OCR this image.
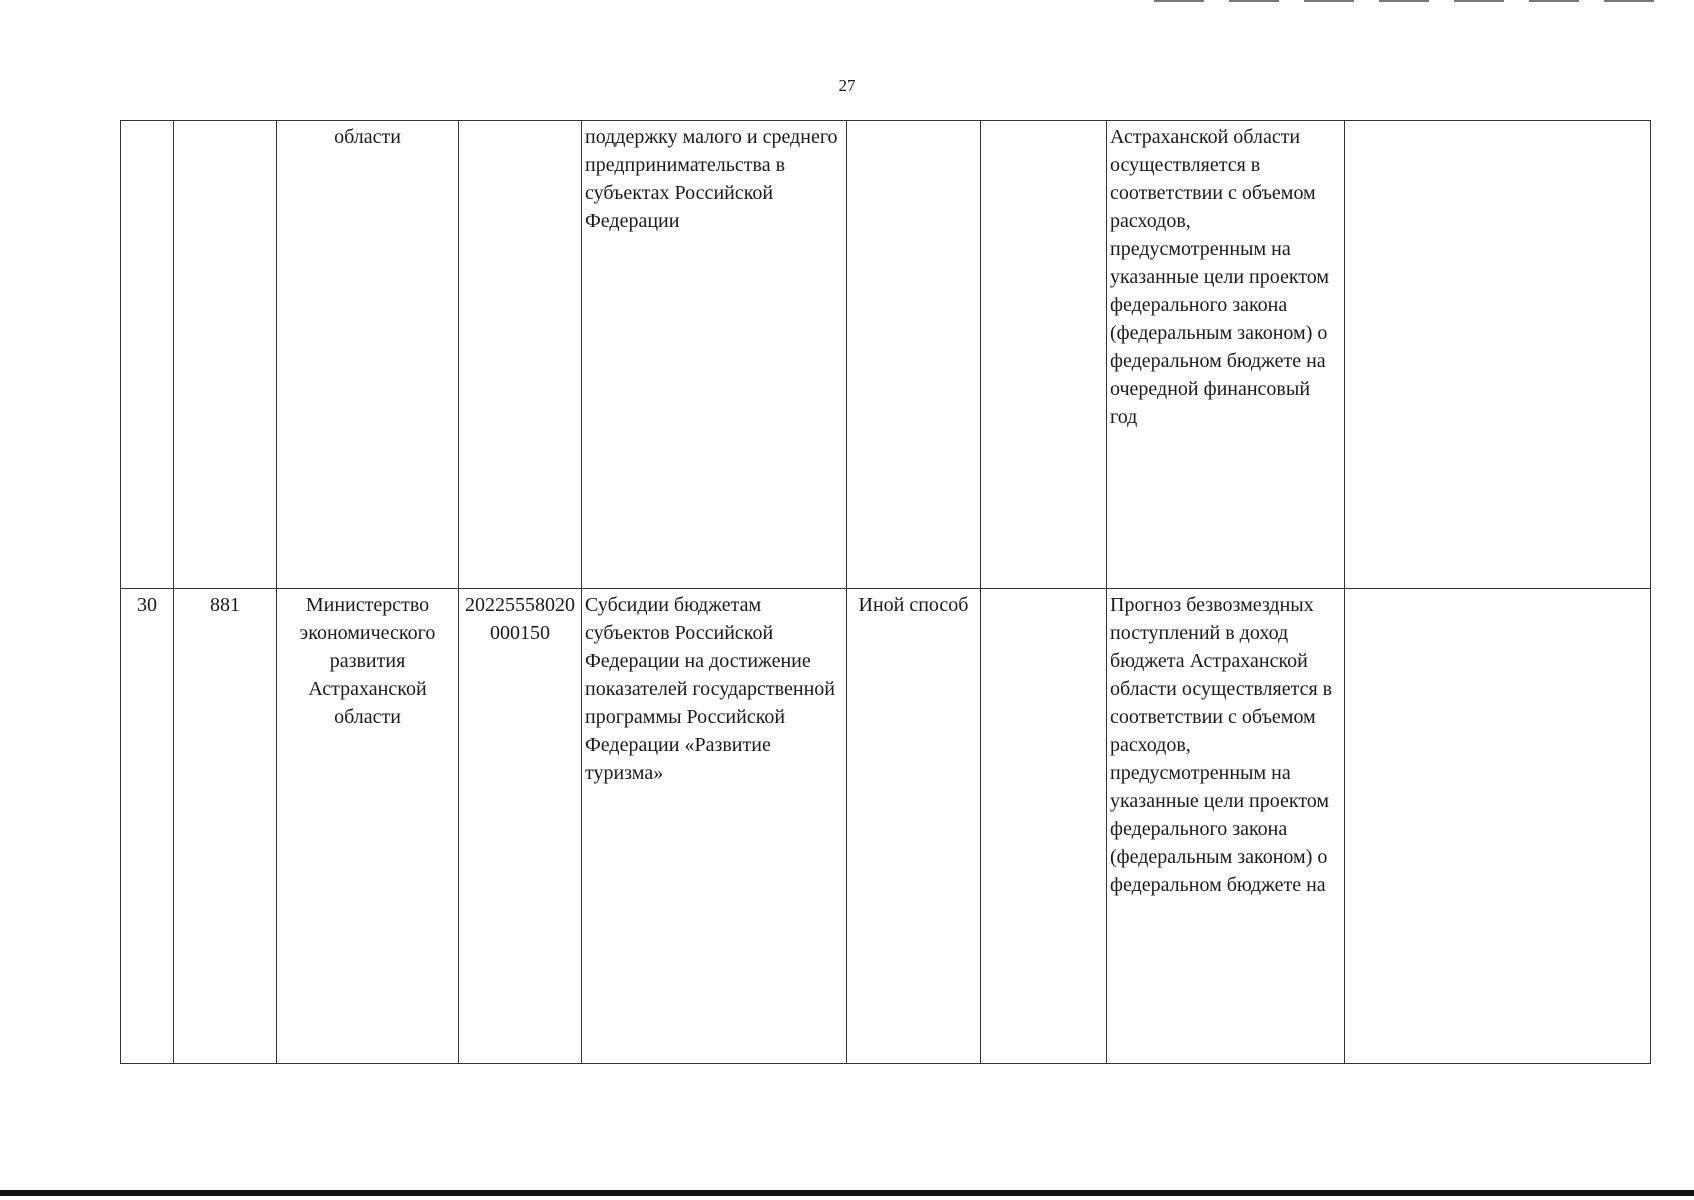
27
		области		поддержку малого и среднего предпринимательства в субъектах Российской Федерации			Астраханской области осуществляется в соответствии с объемом расходов, предусмотренным на указанные цели проектом федерального закона (федеральным законом) о федеральном бюджете на очередной финансовый год	
30	881	Министерство экономического развития Астраханской области	20225558020000150	Субсидии бюджетам субъектов Российской Федерации на достижение показателей государственной программы Российской Федерации «Развитие туризма»	Иной способ		Прогноз безвозмездных поступлений в доход бюджета Астраханской области осуществляется в соответствии с объемом расходов, предусмотренным на указанные цели проектом федерального закона (федеральным законом) о федеральном бюджете на	
